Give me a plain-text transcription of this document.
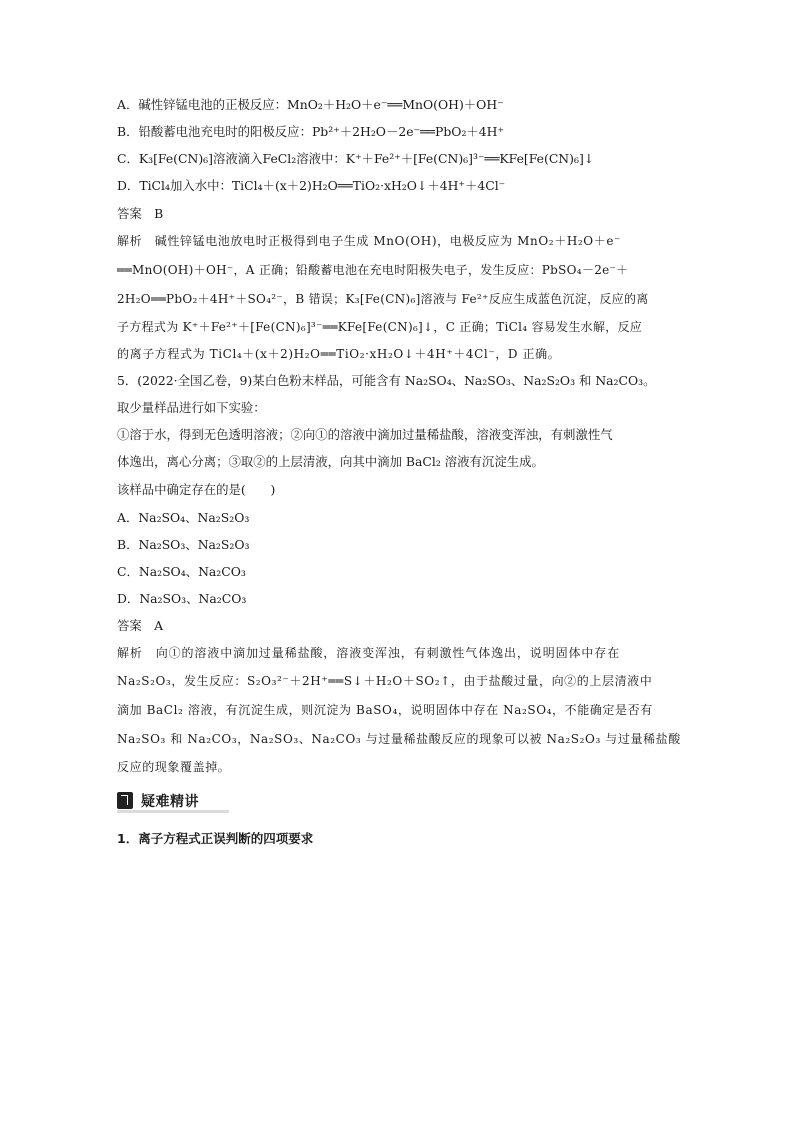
A．碱性锌锰电池的正极反应：MnO₂＋H₂O＋e⁻══MnO(OH)＋OH⁻
B．铅酸蓄电池充电时的阳极反应：Pb²⁺＋2H₂O－2e⁻══PbO₂＋4H⁺
C．K₃[Fe(CN)₆]溶液滴入FeCl₂溶液中：K⁺＋Fe²⁺＋[Fe(CN)₆]³⁻══KFe[Fe(CN)₆]↓
D．TiCl₄加入水中：TiCl₄＋(x＋2)H₂O══TiO₂·xH₂O↓＋4H⁺＋4Cl⁻
答案　B
解析　碱性锌锰电池放电时正极得到电子生成 MnO(OH)，电极反应为 MnO₂＋H₂O＋e⁻
══MnO(OH)＋OH⁻，A 正确；铅酸蓄电池在充电时阳极失电子，发生反应：PbSO₄－2e⁻＋
2H₂O══PbO₂＋4H⁺＋SO₄²⁻，B 错误；K₃[Fe(CN)₆]溶液与 Fe²⁺反应生成蓝色沉淀，反应的离
子方程式为 K⁺＋Fe²⁺＋[Fe(CN)₆]³⁻══KFe[Fe(CN)₆]↓，C 正确；TiCl₄ 容易发生水解，反应
的离子方程式为 TiCl₄＋(x＋2)H₂O══TiO₂·xH₂O↓＋4H⁺＋4Cl⁻，D 正确。
5．(2022·全国乙卷，9)某白色粉末样品，可能含有 Na₂SO₄、Na₂SO₃、Na₂S₂O₃ 和 Na₂CO₃。
取少量样品进行如下实验：
①溶于水，得到无色透明溶液；②向①的溶液中滴加过量稀盐酸，溶液变浑浊，有刺激性气
体逸出，离心分离；③取②的上层清液，向其中滴加 BaCl₂ 溶液有沉淀生成。
该样品中确定存在的是(　　)
A．Na₂SO₄、Na₂S₂O₃
B．Na₂SO₃、Na₂S₂O₃
C．Na₂SO₄、Na₂CO₃
D．Na₂SO₃、Na₂CO₃
答案　A
解析　向①的溶液中滴加过量稀盐酸，溶液变浑浊，有刺激性气体逸出，说明固体中存在
Na₂S₂O₃，发生反应：S₂O₃²⁻＋2H⁺══S↓＋H₂O＋SO₂↑，由于盐酸过量，向②的上层清液中
滴加 BaCl₂ 溶液，有沉淀生成，则沉淀为 BaSO₄，说明固体中存在 Na₂SO₄，不能确定是否有
Na₂SO₃ 和 Na₂CO₃，Na₂SO₃、Na₂CO₃ 与过量稀盐酸反应的现象可以被 Na₂S₂O₃ 与过量稀盐酸
反应的现象覆盖掉。
疑难精讲
1．离子方程式正误判断的四项要求
